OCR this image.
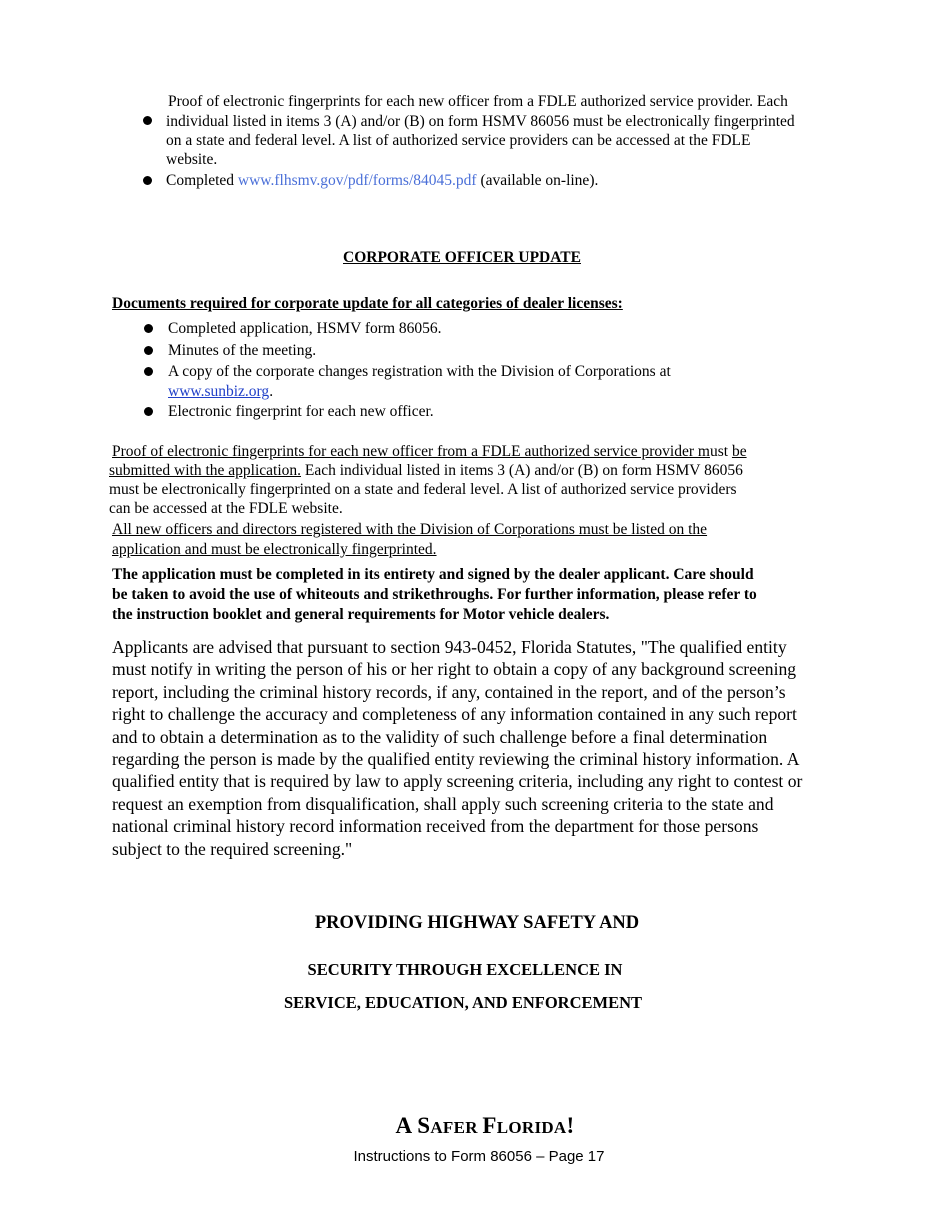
Proof of electronic fingerprints for each new officer from a FDLE authorized service provider. Each
individual listed in items 3 (A) and/or (B) on form HSMV 86056 must be electronically fingerprinted
on a state and federal level. A list of authorized service providers can be accessed at the FDLE
website.
Completed www.flhsmv.gov/pdf/forms/84045.pdf (available on-line).
CORPORATE OFFICER UPDATE
Documents required for corporate update for all categories of dealer licenses:
Completed application, HSMV form 86056.
Minutes of the meeting.
A copy of the corporate changes registration with the Division of Corporations at
www.sunbiz.org.
Electronic fingerprint for each new officer.
Proof of electronic fingerprints for each new officer from a FDLE authorized service provider must be
submitted with the application. Each individual listed in items 3 (A) and/or (B) on form HSMV 86056
must be electronically fingerprinted on a state and federal level. A list of authorized service providers
can be accessed at the FDLE website.
All new officers and directors registered with the Division of Corporations must be listed on the
application and must be electronically fingerprinted.
The application must be completed in its entirety and signed by the dealer applicant. Care should
be taken to avoid the use of whiteouts and strikethroughs. For further information, please refer to
the instruction booklet and general requirements for Motor vehicle dealers.
Applicants are advised that pursuant to section 943-0452, Florida Statutes, "The qualified entity
must notify in writing the person of his or her right to obtain a copy of any background screening
report, including the criminal history records, if any, contained in the report, and of the person’s
right to challenge the accuracy and completeness of any information contained in any such report
and to obtain a determination as to the validity of such challenge before a final determination
regarding the person is made by the qualified entity reviewing the criminal history information. A
qualified entity that is required by law to apply screening criteria, including any right to contest or
request an exemption from disqualification, shall apply such screening criteria to the state and
national criminal history record information received from the department for those persons
subject to the required screening."
PROVIDING HIGHWAY SAFETY AND
SECURITY THROUGH EXCELLENCE IN
SERVICE, EDUCATION, AND ENFORCEMENT
A SAFER FLORIDA!
Instructions to Form 86056 – Page 17
